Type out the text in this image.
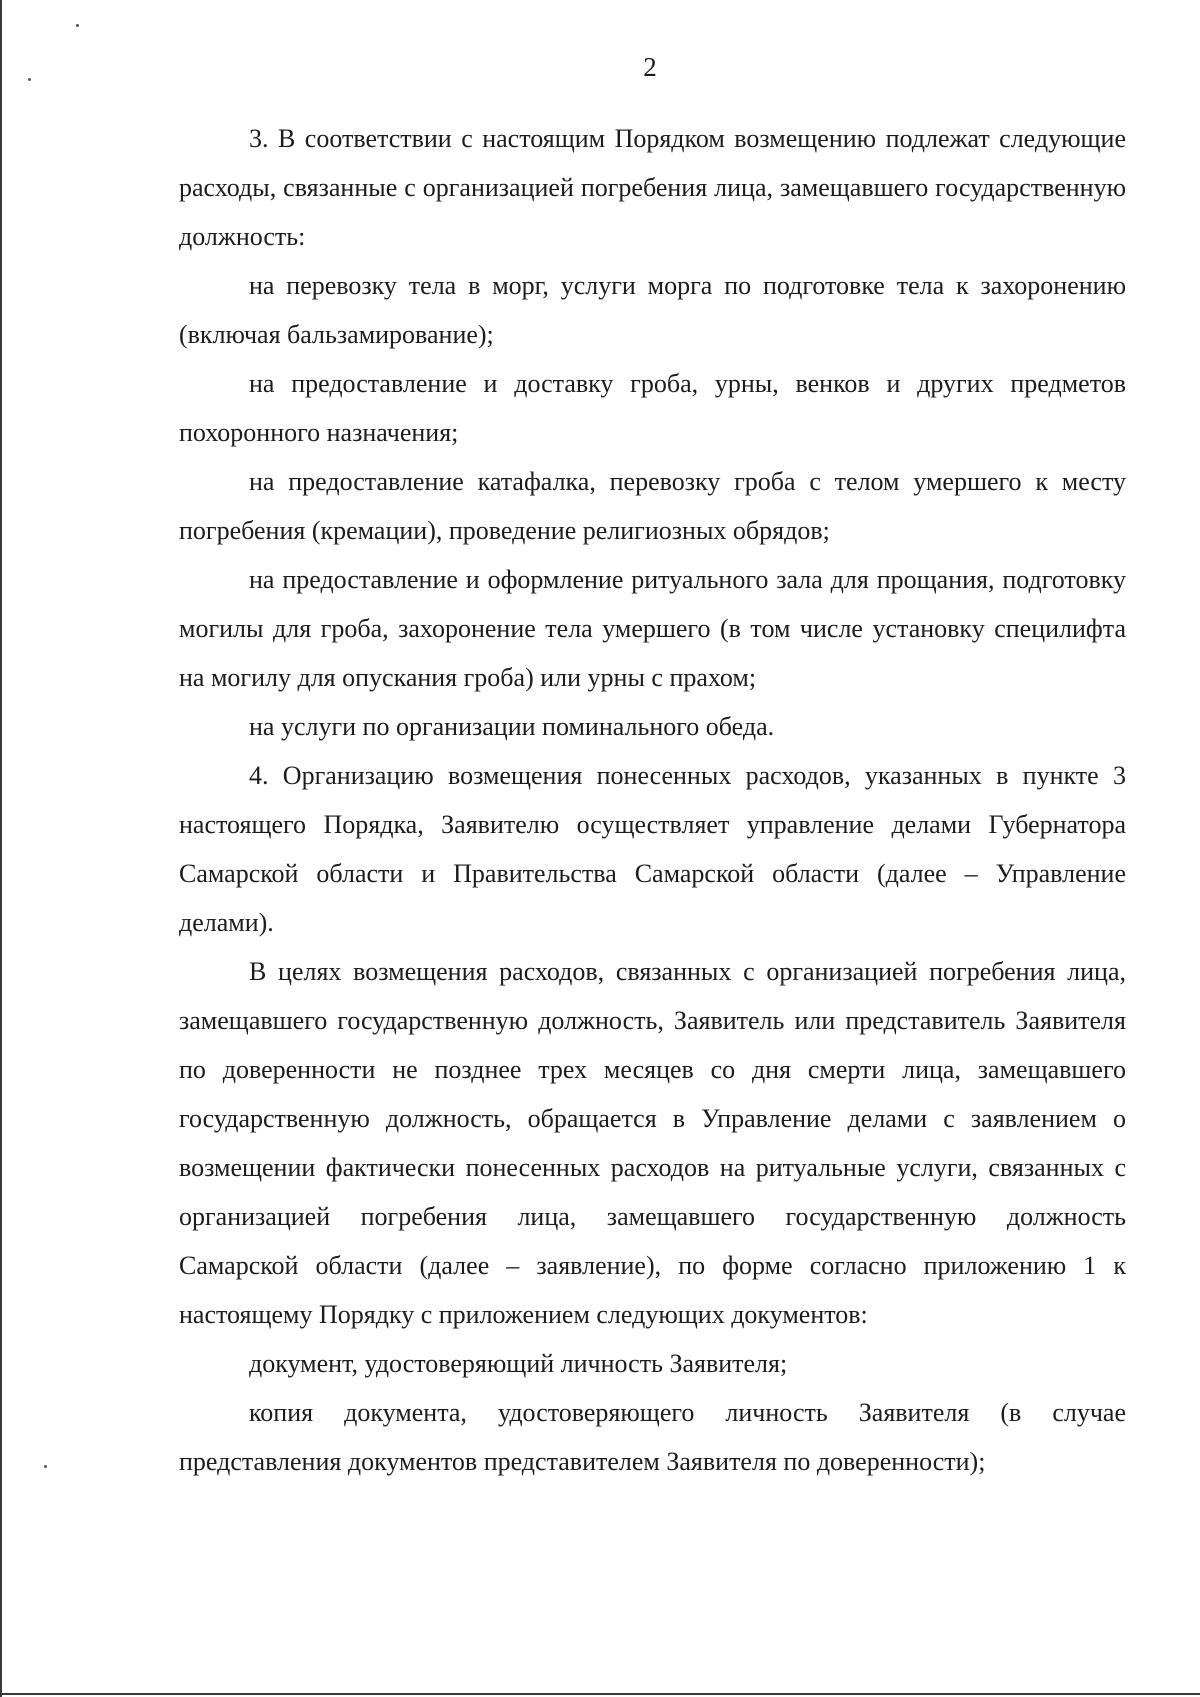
2

3. В соответствии с настоящим Порядком возмещению подлежат следующие расходы, связанные с организацией погребения лица, замещавшего государственную должность:

на перевозку тела в морг, услуги морга по подготовке тела к захоронению (включая бальзамирование);

на предоставление и доставку гроба, урны, венков и других предметов похоронного назначения;

на предоставление катафалка, перевозку гроба с телом умершего к месту погребения (кремации), проведение религиозных обрядов;

на предоставление и оформление ритуального зала для прощания, подготовку могилы для гроба, захоронение тела умершего (в том числе установку специлифта на могилу для опускания гроба) или урны с прахом;

на услуги по организации поминального обеда.

4. Организацию возмещения понесенных расходов, указанных в пункте 3 настоящего Порядка, Заявителю осуществляет управление делами Губернатора Самарской области и Правительства Самарской области (далее – Управление делами).

В целях возмещения расходов, связанных с организацией погребения лица, замещавшего государственную должность, Заявитель или представитель Заявителя по доверенности не позднее трех месяцев со дня смерти лица, замещавшего государственную должность, обращается в Управление делами с заявлением о возмещении фактически понесенных расходов на ритуальные услуги, связанных с организацией погребения лица, замещавшего государственную должность Самарской области (далее – заявление), по форме согласно приложению 1 к настоящему Порядку с приложением следующих документов:

документ, удостоверяющий личность Заявителя;

копия документа, удостоверяющего личность Заявителя (в случае представления документов представителем Заявителя по доверенности);
